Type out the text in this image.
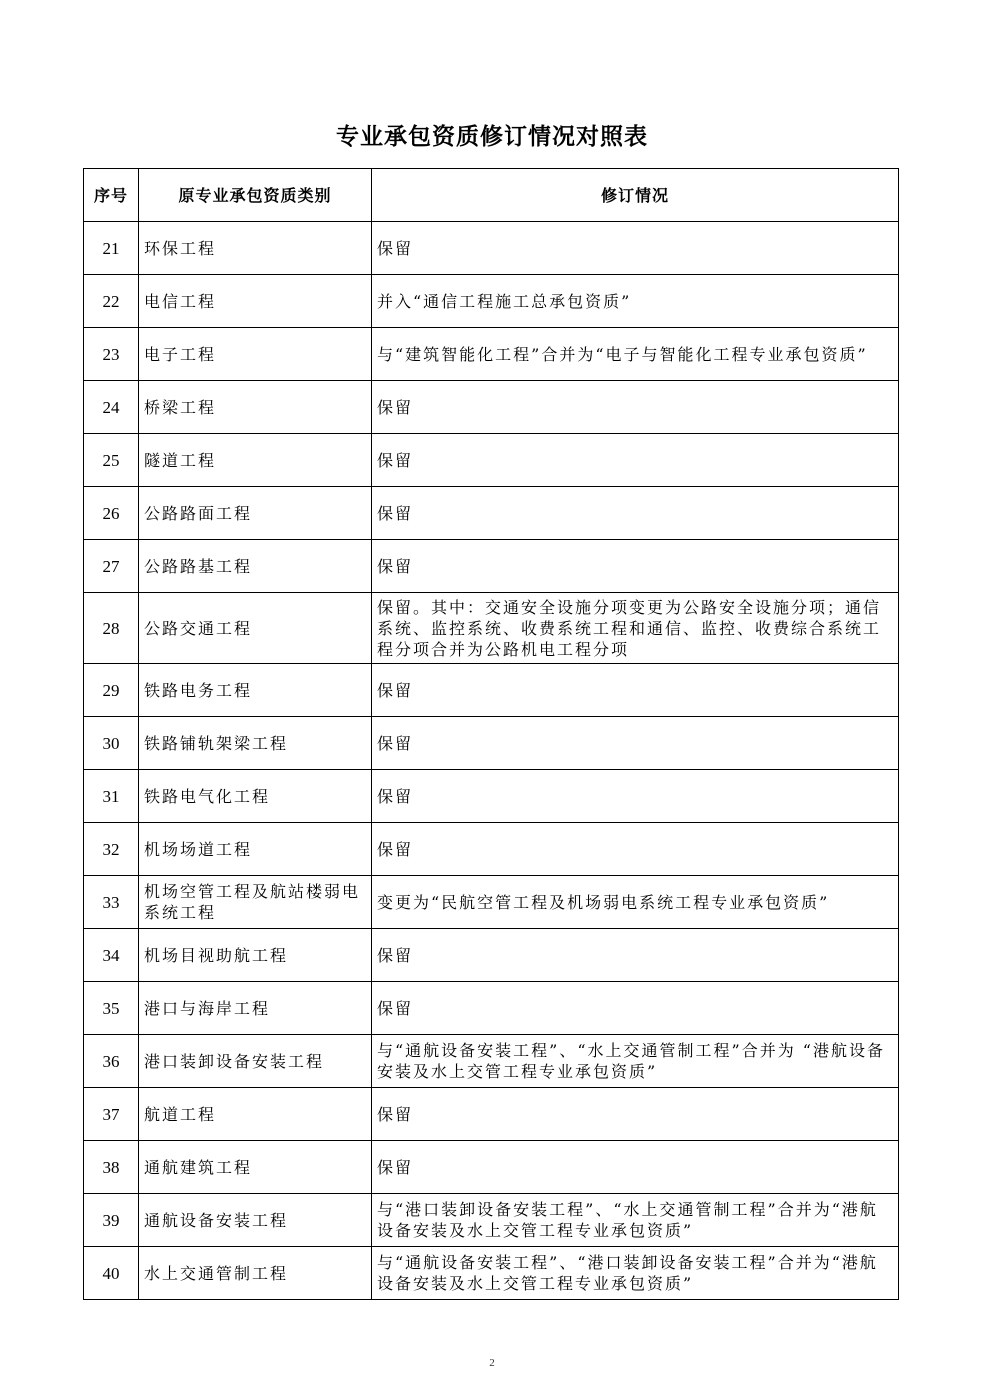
专业承包资质修订情况对照表
序号	原专业承包资质类别	修订情况
21	环保工程	保留
22	电信工程	并入“通信工程施工总承包资质”
23	电子工程	与“建筑智能化工程”合并为“电子与智能化工程专业承包资质”
24	桥梁工程	保留
25	隧道工程	保留
26	公路路面工程	保留
27	公路路基工程	保留
28	公路交通工程	保留。其中：交通安全设施分项变更为公路安全设施分项；通信系统、监控系统、收费系统工程和通信、监控、收费综合系统工程分项合并为公路机电工程分项
29	铁路电务工程	保留
30	铁路铺轨架梁工程	保留
31	铁路电气化工程	保留
32	机场场道工程	保留
33	机场空管工程及航站楼弱电系统工程	变更为“民航空管工程及机场弱电系统工程专业承包资质”
34	机场目视助航工程	保留
35	港口与海岸工程	保留
36	港口装卸设备安装工程	与“通航设备安装工程”、“水上交通管制工程”合并为 “港航设备安装及水上交管工程专业承包资质”
37	航道工程	保留
38	通航建筑工程	保留
39	通航设备安装工程	与“港口装卸设备安装工程”、“水上交通管制工程”合并为“港航设备安装及水上交管工程专业承包资质”
40	水上交通管制工程	与“通航设备安装工程”、“港口装卸设备安装工程”合并为“港航设备安装及水上交管工程专业承包资质”
2
